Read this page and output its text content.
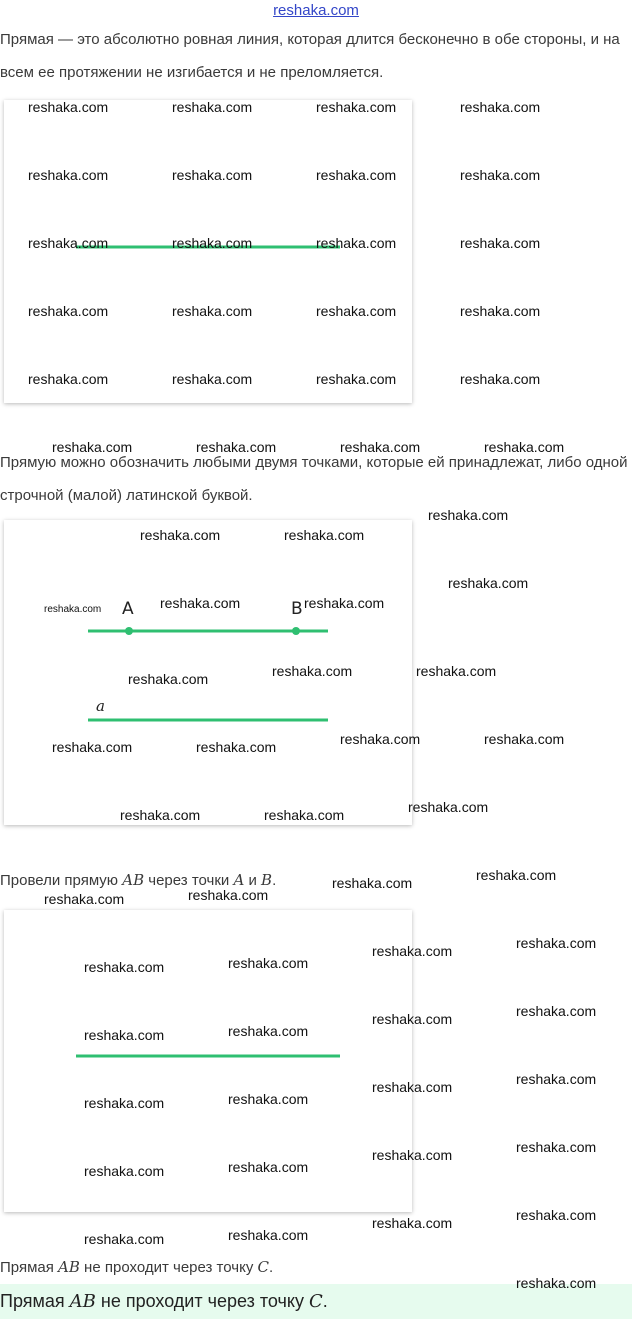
reshaka.com

Прямая — это абсолютно ровная линия, которая длится бесконечно в обе стороны, и на всем ее протяжении не изгибается и не преломляется.

Прямую можно обозначить любыми двумя точками, которые ей принадлежат, либо одной строчной (малой) латинской буквой.

A	B
a

Провели прямую AB через точки A и B.

Прямая AB не проходит через точку C.

Прямая AB не проходит через точку C.

reshaka.com	reshaka.com	reshaka.com	reshaka.com
reshaka.com	reshaka.com	reshaka.com	reshaka.com
reshaka.com	reshaka.com	reshaka.com	reshaka.com
reshaka.com	reshaka.com	reshaka.com	reshaka.com
reshaka.com	reshaka.com	reshaka.com	reshaka.com
reshaka.com	reshaka.com	reshaka.com	reshaka.com
reshaka.com
reshaka.com	reshaka.com
reshaka.com
reshaka.com	reshaka.com	reshaka.com
reshaka.com	reshaka.com
reshaka.com
reshaka.com	reshaka.com
reshaka.com	reshaka.com
reshaka.com
reshaka.com	reshaka.com
reshaka.com
reshaka.com
reshaka.com
reshaka.com
reshaka.com
reshaka.com
reshaka.com
reshaka.com
reshaka.com
reshaka.com
reshaka.com
reshaka.com
reshaka.com
reshaka.com
reshaka.com
reshaka.com
reshaka.com
reshaka.com
reshaka.com
reshaka.com
reshaka.com
reshaka.com
reshaka.com
reshaka.com
reshaka.com
